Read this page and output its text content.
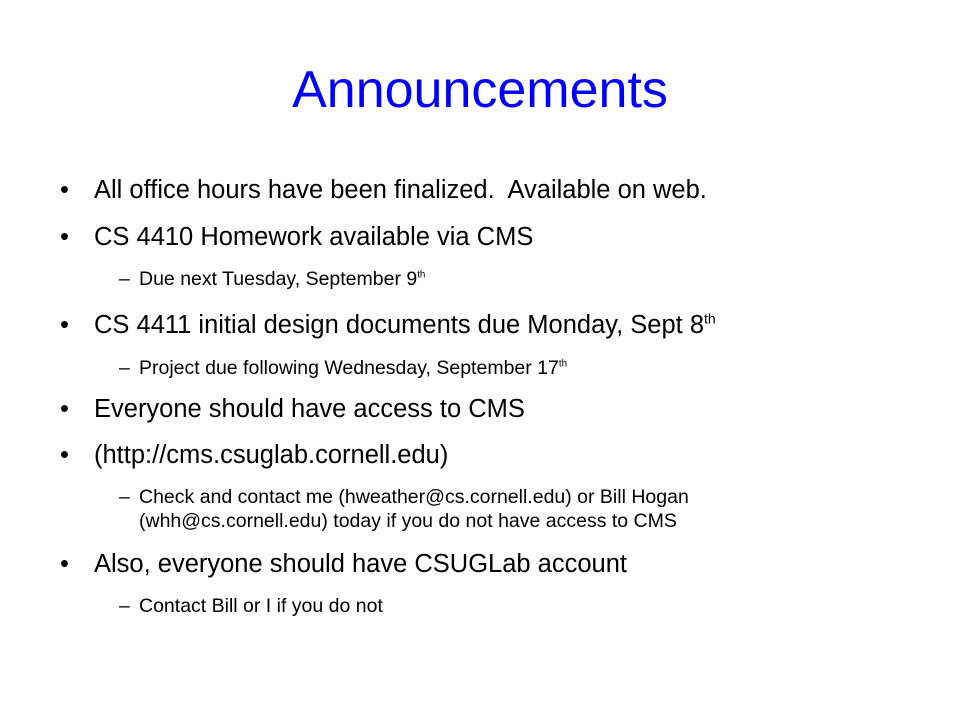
Announcements
• All office hours have been finalized.  Available on web.
• CS 4410 Homework available via CMS
– Due next Tuesday, September 9th
• CS 4411 initial design documents due Monday, Sept 8th
– Project due following Wednesday, September 17th
• Everyone should have access to CMS
• (http://cms.csuglab.cornell.edu)
– Check and contact me (hweather@cs.cornell.edu) or Bill Hogan
(whh@cs.cornell.edu) today if you do not have access to CMS
• Also, everyone should have CSUGLab account
– Contact Bill or I if you do not
